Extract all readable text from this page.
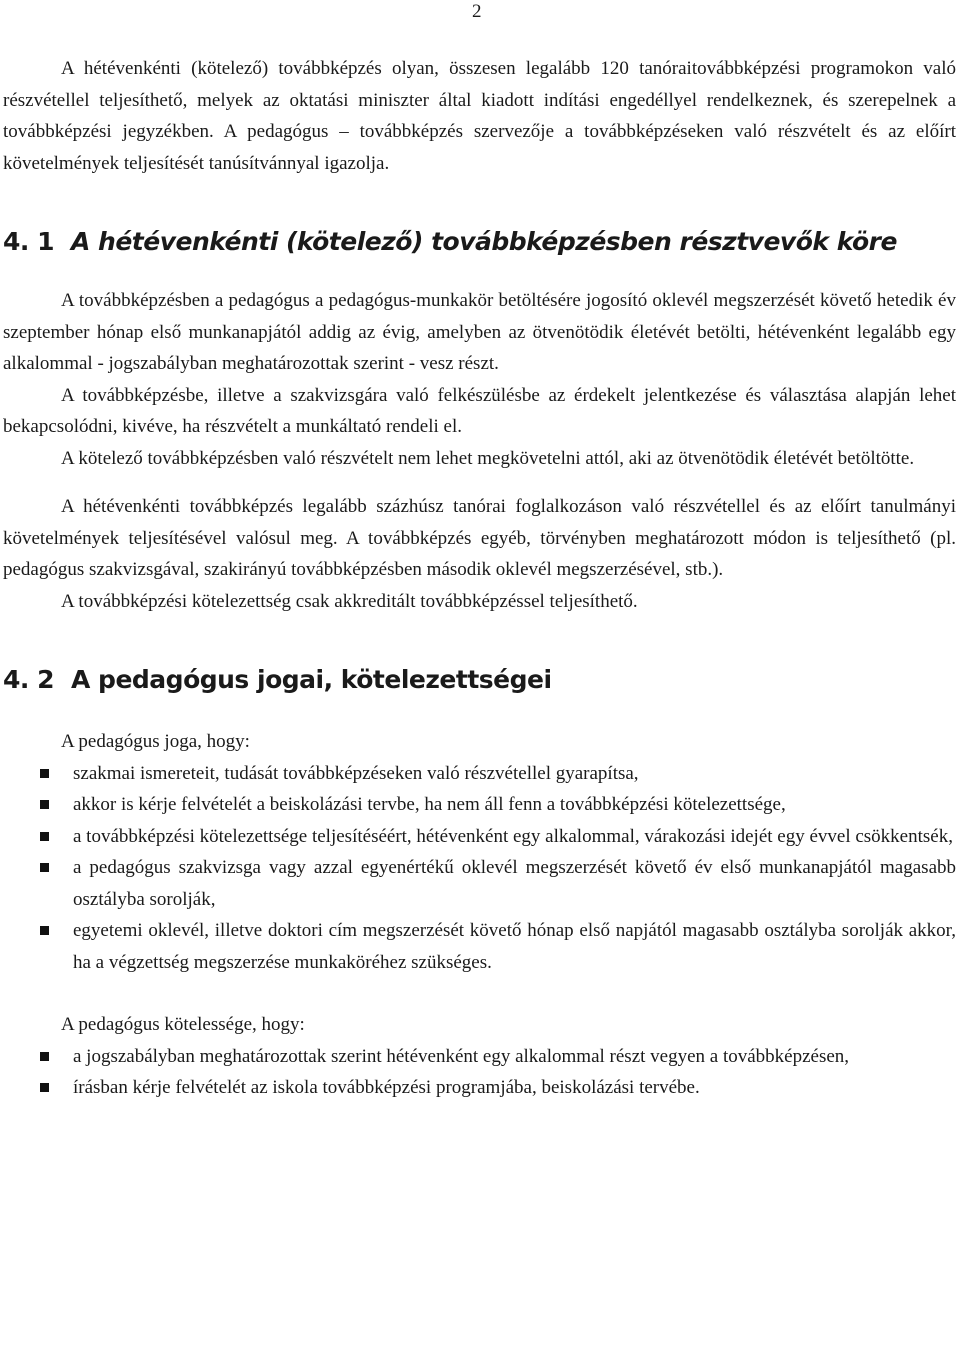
2

A hétévenkénti (kötelező) továbbképzés olyan, összesen legalább 120 tanóraitovábbképzési programokon való részvétellel teljesíthető, melyek az oktatási miniszter által kiadott indítási engedéllyel rendelkeznek, és szerepelnek a továbbképzési jegyzékben. A pedagógus – továbbképzés szervezője a továbbképzéseken való részvételt és az előírt követelmények teljesítését tanúsítvánnyal igazolja.

4. 1 A hétévenkénti (kötelező) továbbképzésben résztvevők köre

A továbbképzésben a pedagógus a pedagógus-munkakör betöltésére jogosító oklevél megszerzését követő hetedik év szeptember hónap első munkanapjától addig az évig, amelyben az ötvenötödik életévét betölti, hétévenként legalább egy alkalommal - jogszabályban meghatározottak szerint - vesz részt.

A továbbképzésbe, illetve a szakvizsgára való felkészülésbe az érdekelt jelentkezése és választása alapján lehet bekapcsolódni, kivéve, ha részvételt a munkáltató rendeli el.

A kötelező továbbképzésben való részvételt nem lehet megkövetelni attól, aki az ötvenötödik életévét betöltötte.

A hétévenkénti továbbképzés legalább százhúsz tanórai foglalkozáson való részvétellel és az előírt tanulmányi követelmények teljesítésével valósul meg. A továbbképzés egyéb, törvényben meghatározott módon is teljesíthető (pl. pedagógus szakvizsgával, szakirányú továbbképzésben második oklevél megszerzésével, stb.).

A továbbképzési kötelezettség csak akkreditált továbbképzéssel teljesíthető.

4. 2 A pedagógus jogai, kötelezettségei

A pedagógus joga, hogy:

szakmai ismereteit, tudását továbbképzéseken való részvétellel gyarapítsa,
akkor is kérje felvételét a beiskolázási tervbe, ha nem áll fenn a továbbképzési kötelezettsége,
a továbbképzési kötelezettsége teljesítéséért, hétévenként egy alkalommal, várakozási idejét egy évvel csökkentsék,
a pedagógus szakvizsga vagy azzal egyenértékű oklevél megszerzését követő év első munkanapjától magasabb osztályba sorolják,
egyetemi oklevél, illetve doktori cím megszerzését követő hónap első napjától magasabb osztályba sorolják akkor, ha a végzettség megszerzése munkaköréhez szükséges.

A pedagógus kötelessége, hogy:

a jogszabályban meghatározottak szerint hétévenként egy alkalommal részt vegyen a továbbképzésen,
írásban kérje felvételét az iskola továbbképzési programjába, beiskolázási tervébe.
